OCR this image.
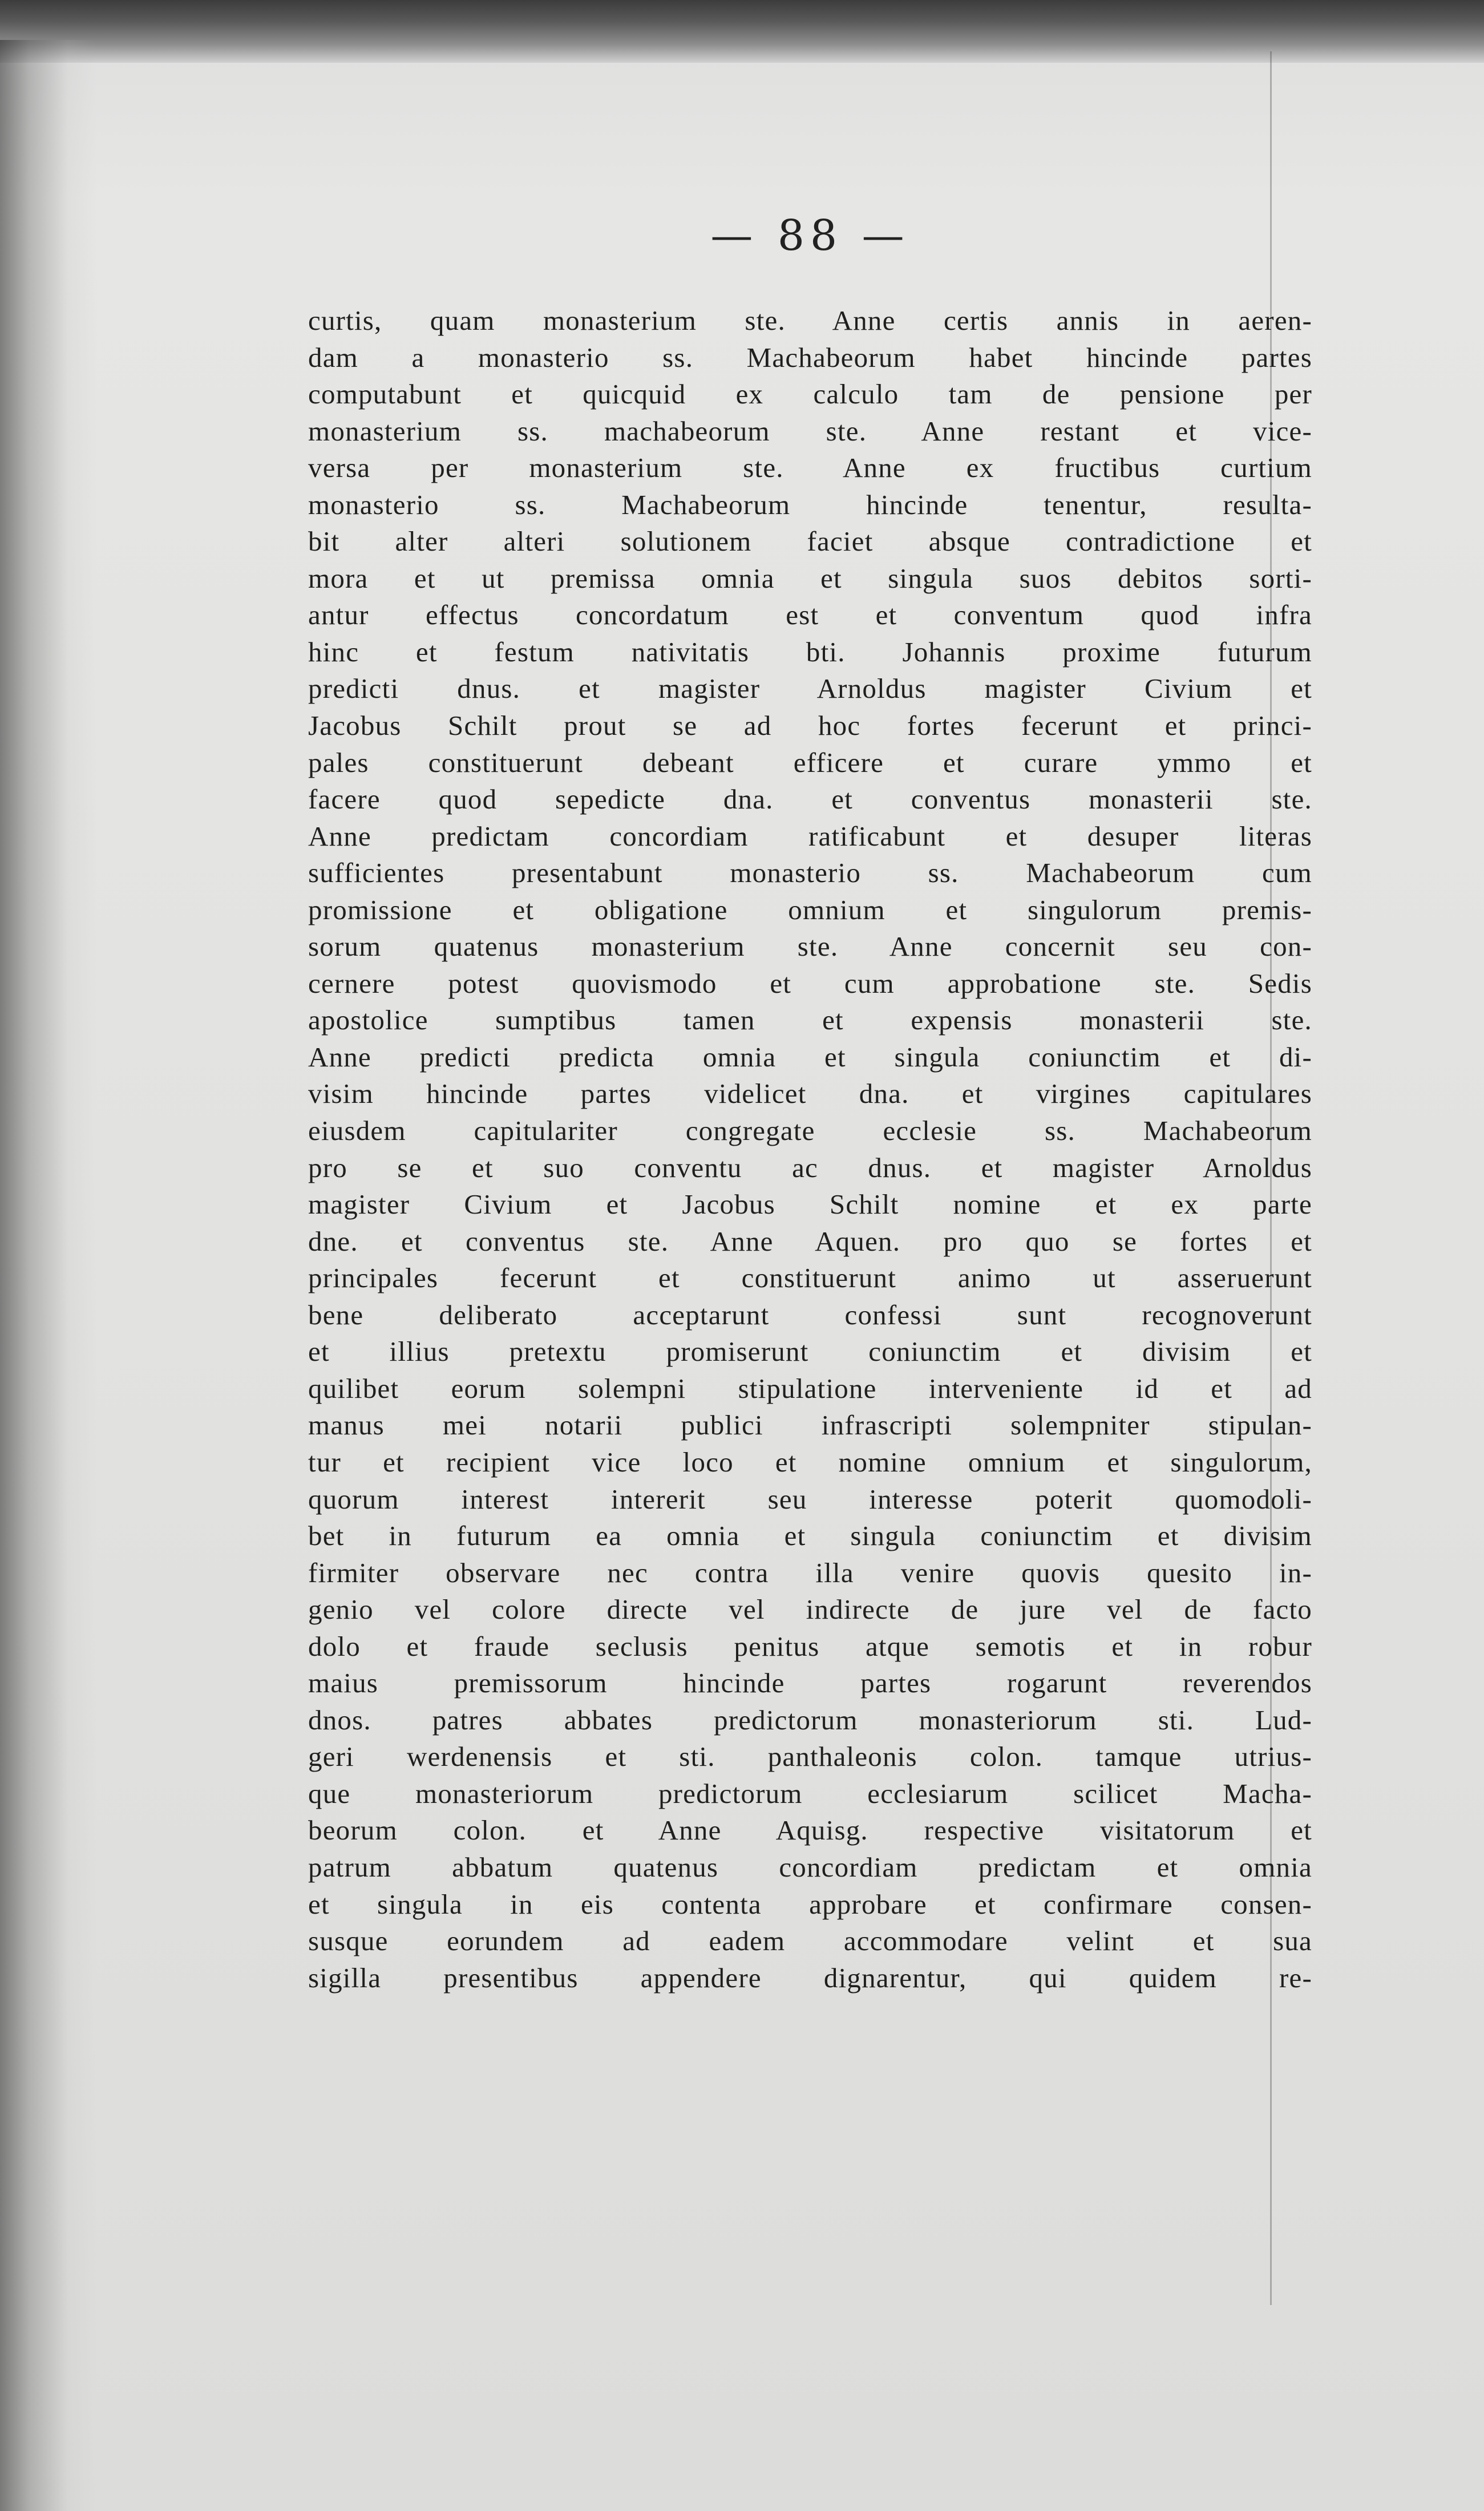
— 88 —
curtis, quam monasterium ste. Anne certis annis in aeren-
dam a monasterio ss. Machabeorum habet hincinde partes
computabunt et quicquid ex calculo tam de pensione per
monasterium ss. machabeorum ste. Anne restant et vice-
versa per monasterium ste. Anne ex fructibus curtium
monasterio ss. Machabeorum hincinde tenentur, resulta-
bit alter alteri solutionem faciet absque contradictione et
mora et ut premissa omnia et singula suos debitos sorti-
antur effectus concordatum est et conventum quod infra
hinc et festum nativitatis bti. Johannis proxime futurum
predicti dnus. et magister Arnoldus magister Civium et
Jacobus Schilt prout se ad hoc fortes fecerunt et princi-
pales constituerunt debeant efficere et curare ymmo et
facere quod sepedicte dna. et conventus monasterii ste.
Anne predictam concordiam ratificabunt et desuper literas
sufficientes presentabunt monasterio ss. Machabeorum cum
promissione et obligatione omnium et singulorum premis-
sorum quatenus monasterium ste. Anne concernit seu con-
cernere potest quovismodo et cum approbatione ste. Sedis
apostolice sumptibus tamen et expensis monasterii ste.
Anne predicti predicta omnia et singula coniunctim et di-
visim hincinde partes videlicet dna. et virgines capitulares
eiusdem capitulariter congregate ecclesie ss. Machabeorum
pro se et suo conventu ac dnus. et magister Arnoldus
magister Civium et Jacobus Schilt nomine et ex parte
dne. et conventus ste. Anne Aquen. pro quo se fortes et
principales fecerunt et constituerunt animo ut asseruerunt
bene deliberato acceptarunt confessi sunt recognoverunt
et illius pretextu promiserunt coniunctim et divisim et
quilibet eorum solempni stipulatione interveniente id et ad
manus mei notarii publici infrascripti solempniter stipulan-
tur et recipient vice loco et nomine omnium et singulorum,
quorum interest intererit seu interesse poterit quomodoli-
bet in futurum ea omnia et singula coniunctim et divisim
firmiter observare nec contra illa venire quovis quesito in-
genio vel colore directe vel indirecte de jure vel de facto
dolo et fraude seclusis penitus atque semotis et in robur
maius premissorum hincinde partes rogarunt reverendos
dnos. patres abbates predictorum monasteriorum sti. Lud-
geri werdenensis et sti. panthaleonis colon. tamque utrius-
que monasteriorum predictorum ecclesiarum scilicet Macha-
beorum colon. et Anne Aquisg. respective visitatorum et
patrum abbatum quatenus concordiam predictam et omnia
et singula in eis contenta approbare et confirmare consen-
susque eorundem ad eadem accommodare velint et sua
sigilla presentibus appendere dignarentur, qui quidem re-
